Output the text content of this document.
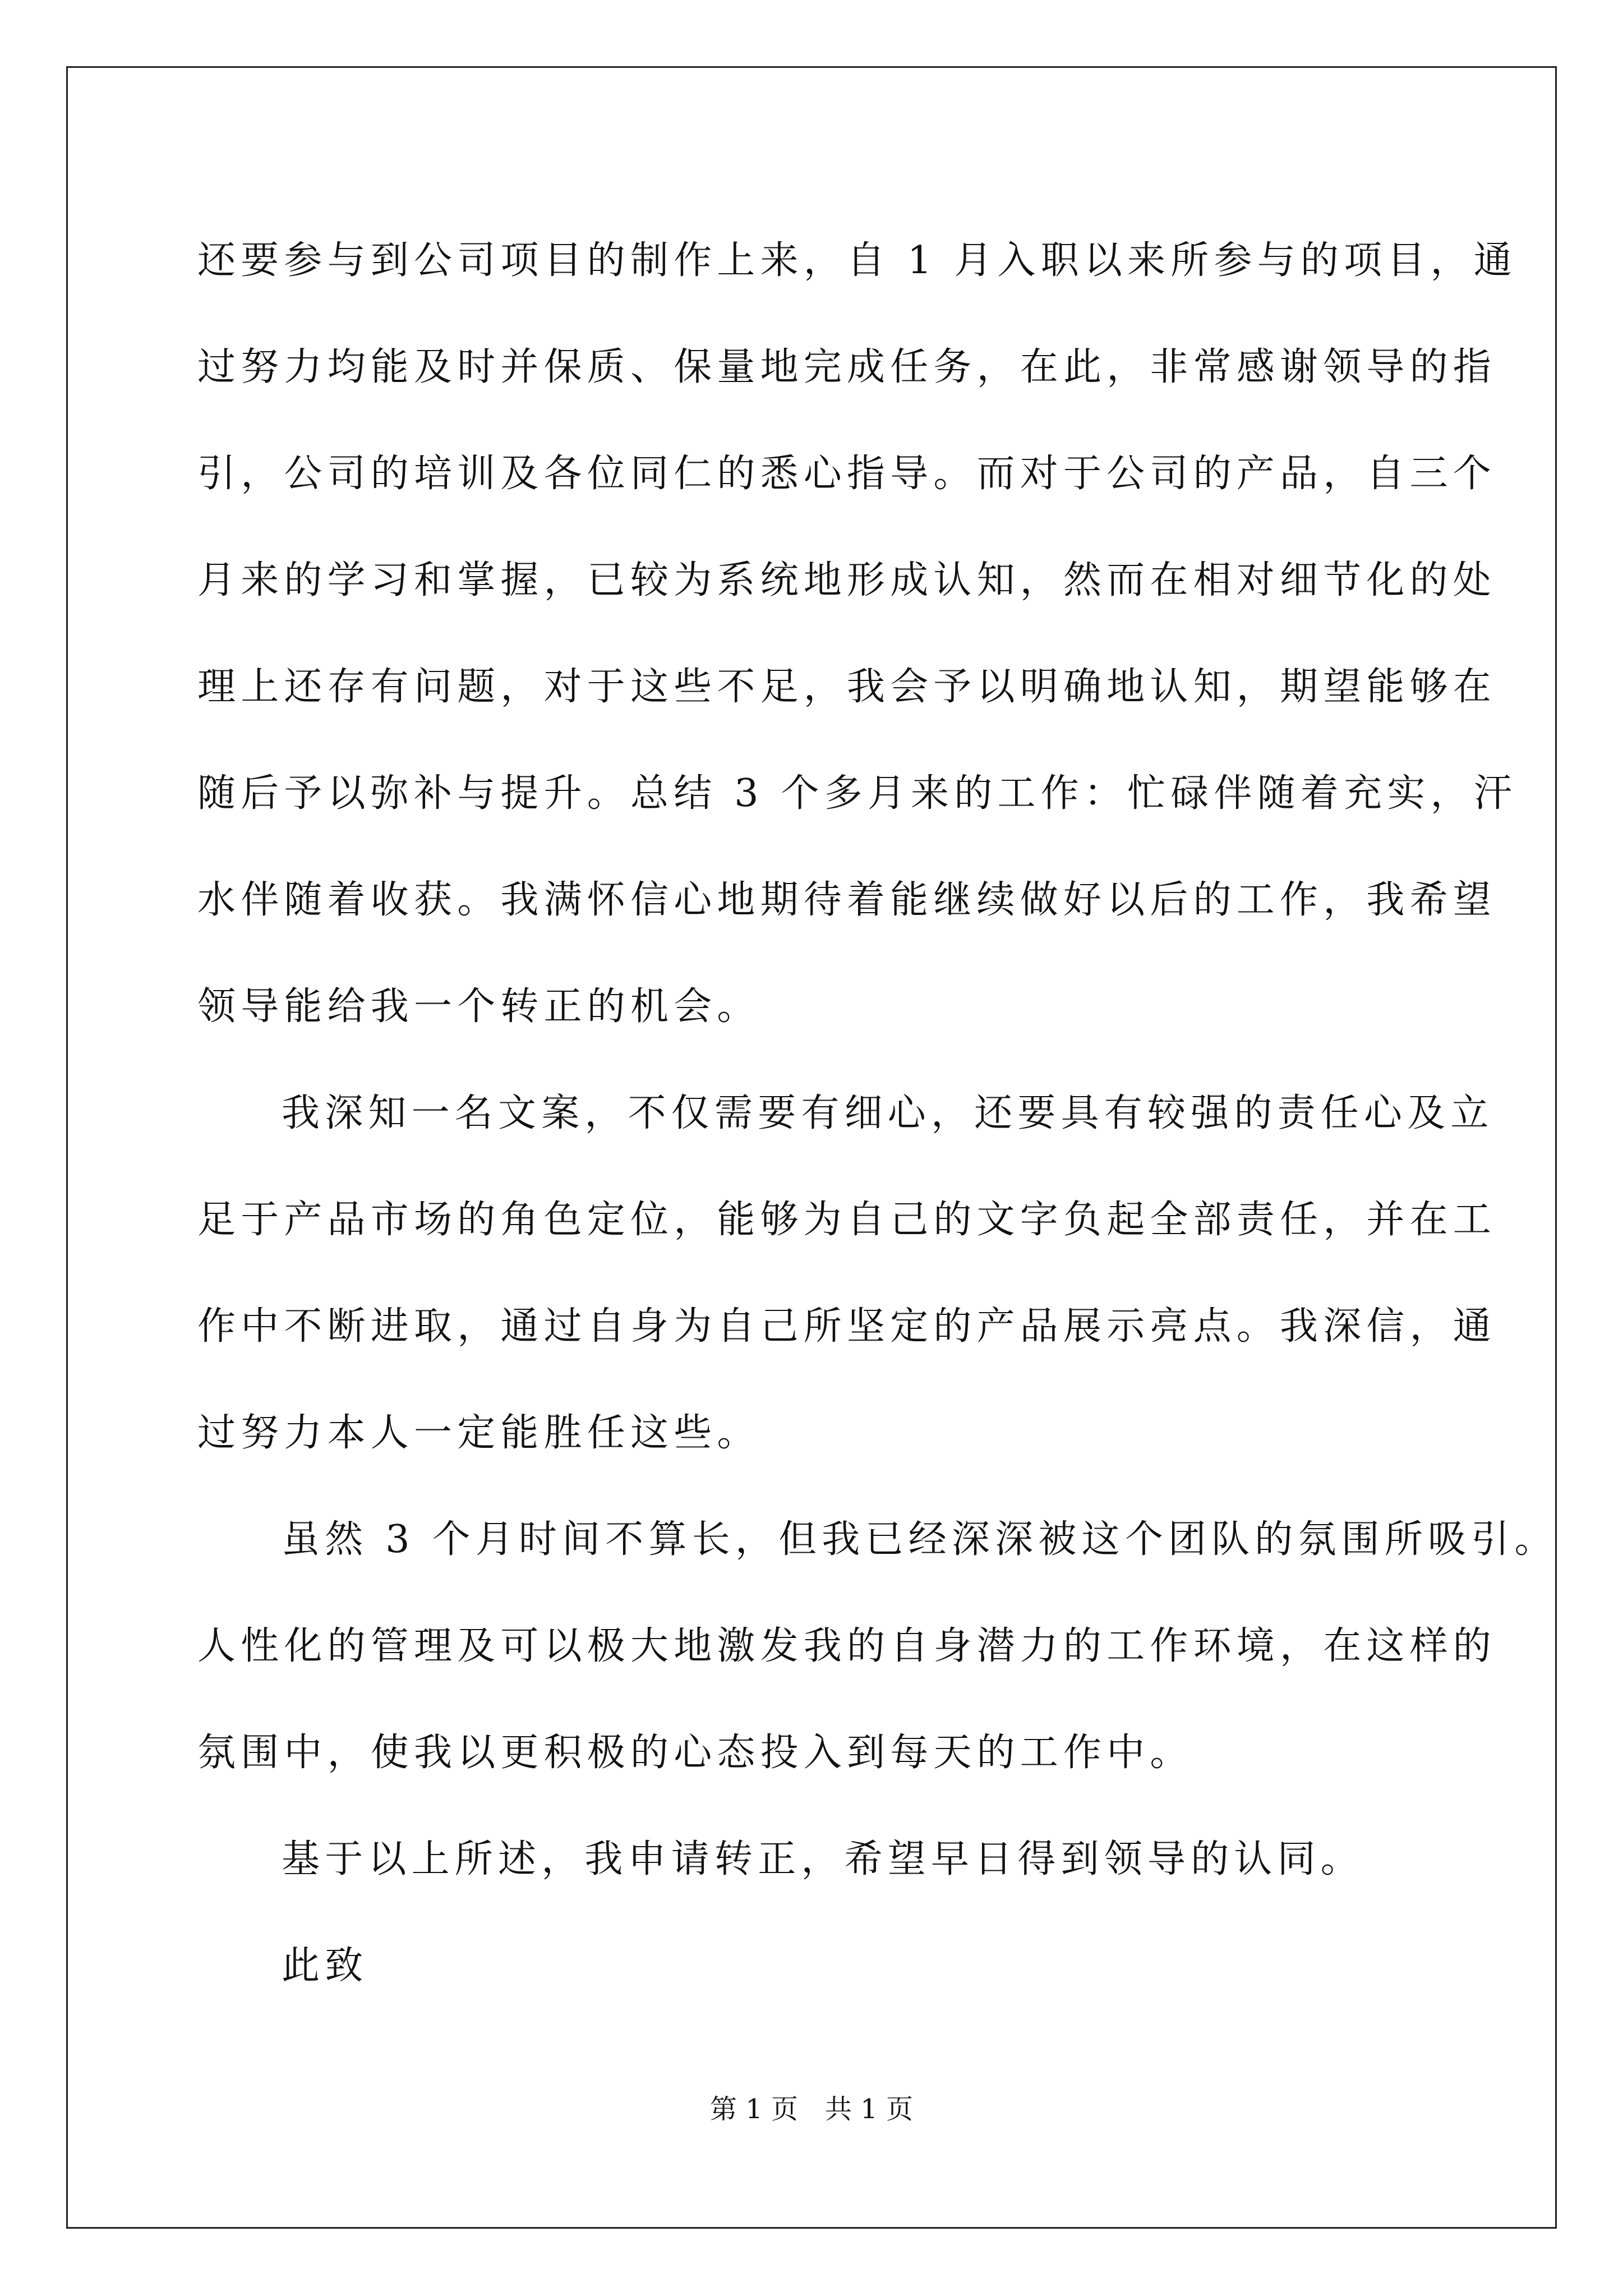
还要参与到公司项目的制作上来，自 1 月入职以来所参与的项目，通
过努力均能及时并保质、保量地完成任务，在此，非常感谢领导的指
引，公司的培训及各位同仁的悉心指导。而对于公司的产品，自三个
月来的学习和掌握，已较为系统地形成认知，然而在相对细节化的处
理上还存有问题，对于这些不足，我会予以明确地认知，期望能够在
随后予以弥补与提升。总结 3 个多月来的工作：忙碌伴随着充实，汗
水伴随着收获。我满怀信心地期待着能继续做好以后的工作，我希望
领导能给我一个转正的机会。
我深知一名文案，不仅需要有细心，还要具有较强的责任心及立
足于产品市场的角色定位，能够为自己的文字负起全部责任，并在工
作中不断进取，通过自身为自己所坚定的产品展示亮点。我深信，通
过努力本人一定能胜任这些。
虽然 3 个月时间不算长，但我已经深深被这个团队的氛围所吸引。
人性化的管理及可以极大地激发我的自身潜力的工作环境，在这样的
氛围中，使我以更积极的心态投入到每天的工作中。
基于以上所述，我申请转正，希望早日得到领导的认同。
此致
第 1 页　共 1 页
